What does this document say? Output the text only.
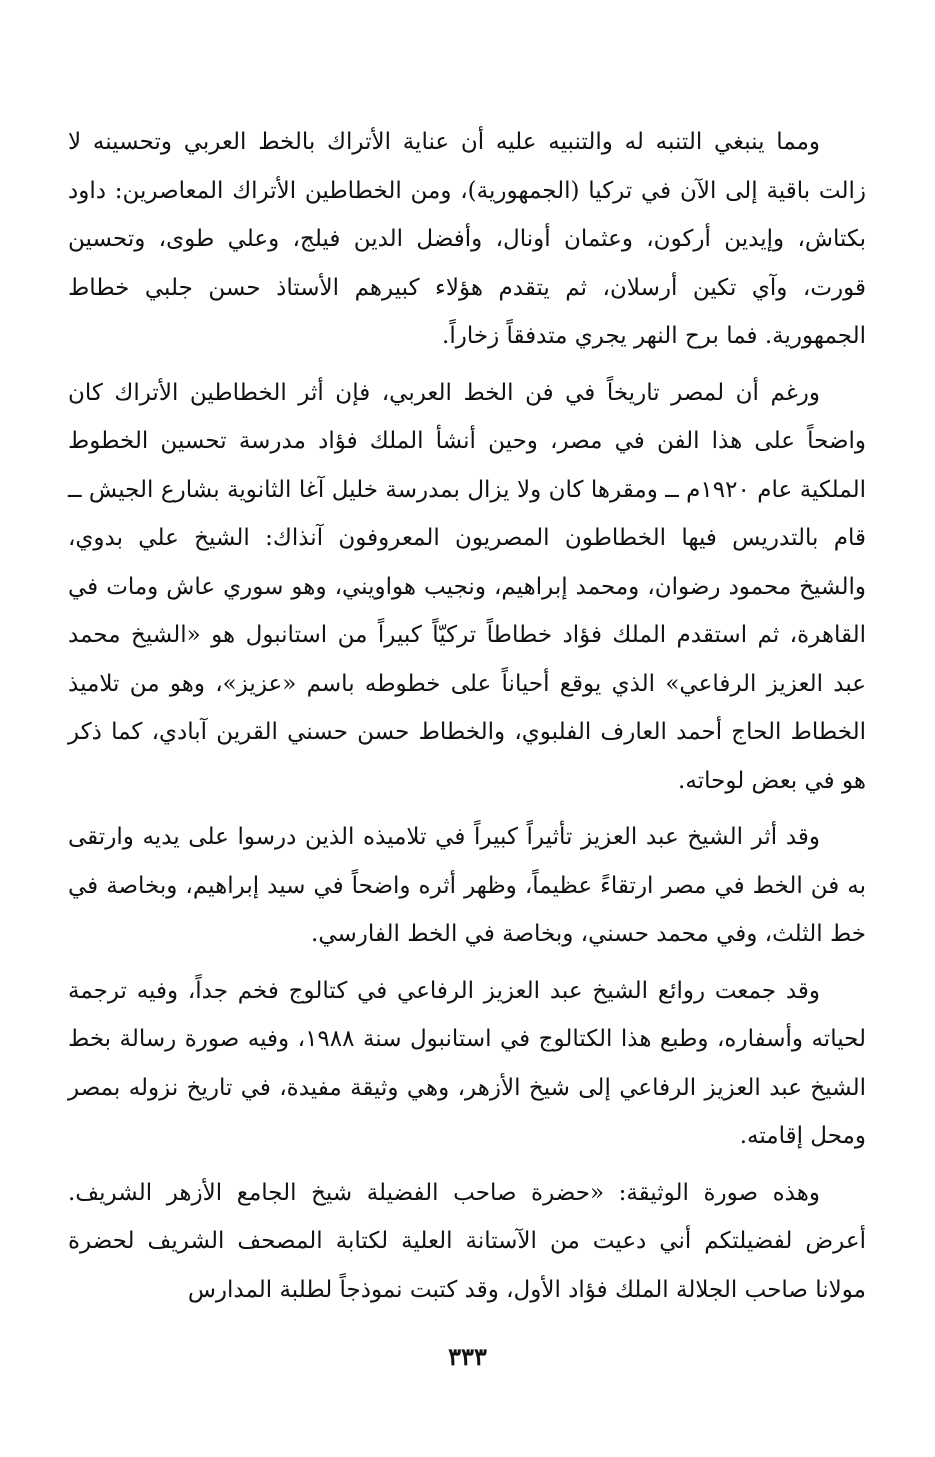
ومما ينبغي التنبه له والتنبيه عليه أن عناية الأتراك بالخط العربي وتحسينه لا زالت باقية إلى الآن في تركيا (الجمهورية)، ومن الخطاطين الأتراك المعاصرين: داود بكتاش، وإيدين أركون، وعثمان أونال، وأفضل الدين فيلج، وعلي طوى، وتحسين قورت، وآي تكين أرسلان، ثم يتقدم هؤلاء كبيرهم الأستاذ حسن جلبي خطاط الجمهورية. فما برح النهر يجري متدفقاً زخاراً.

ورغم أن لمصر تاريخاً في فن الخط العربي، فإن أثر الخطاطين الأتراك كان واضحاً على هذا الفن في مصر، وحين أنشأ الملك فؤاد مدرسة تحسين الخطوط الملكية عام ١٩٢٠م ــ ومقرها كان ولا يزال بمدرسة خليل آغا الثانوية بشارع الجيش ــ قام بالتدريس فيها الخطاطون المصريون المعروفون آنذاك: الشيخ علي بدوي، والشيخ محمود رضوان، ومحمد إبراهيم، ونجيب هواويني، وهو سوري عاش ومات في القاهرة، ثم استقدم الملك فؤاد خطاطاً تركيّاً كبيراً من استانبول هو «الشيخ محمد عبد العزيز الرفاعي» الذي يوقع أحياناً على خطوطه باسم «عزيز»، وهو من تلاميذ الخطاط الحاج أحمد العارف الفلبوي، والخطاط حسن حسني القرين آبادي، كما ذكر هو في بعض لوحاته.

وقد أثر الشيخ عبد العزيز تأثيراً كبيراً في تلاميذه الذين درسوا على يديه وارتقى به فن الخط في مصر ارتقاءً عظيماً، وظهر أثره واضحاً في سيد إبراهيم، وبخاصة في خط الثلث، وفي محمد حسني، وبخاصة في الخط الفارسي.

وقد جمعت روائع الشيخ عبد العزيز الرفاعي في كتالوج فخم جداً، وفيه ترجمة لحياته وأسفاره، وطبع هذا الكتالوج في استانبول سنة ١٩٨٨، وفيه صورة رسالة بخط الشيخ عبد العزيز الرفاعي إلى شيخ الأزهر، وهي وثيقة مفيدة، في تاريخ نزوله بمصر ومحل إقامته.

وهذه صورة الوثيقة: «حضرة صاحب الفضيلة شيخ الجامع الأزهر الشريف. أعرض لفضيلتكم أني دعيت من الآستانة العلية لكتابة المصحف الشريف لحضرة مولانا صاحب الجلالة الملك فؤاد الأول، وقد كتبت نموذجاً لطلبة المدارس

٣٣٣
